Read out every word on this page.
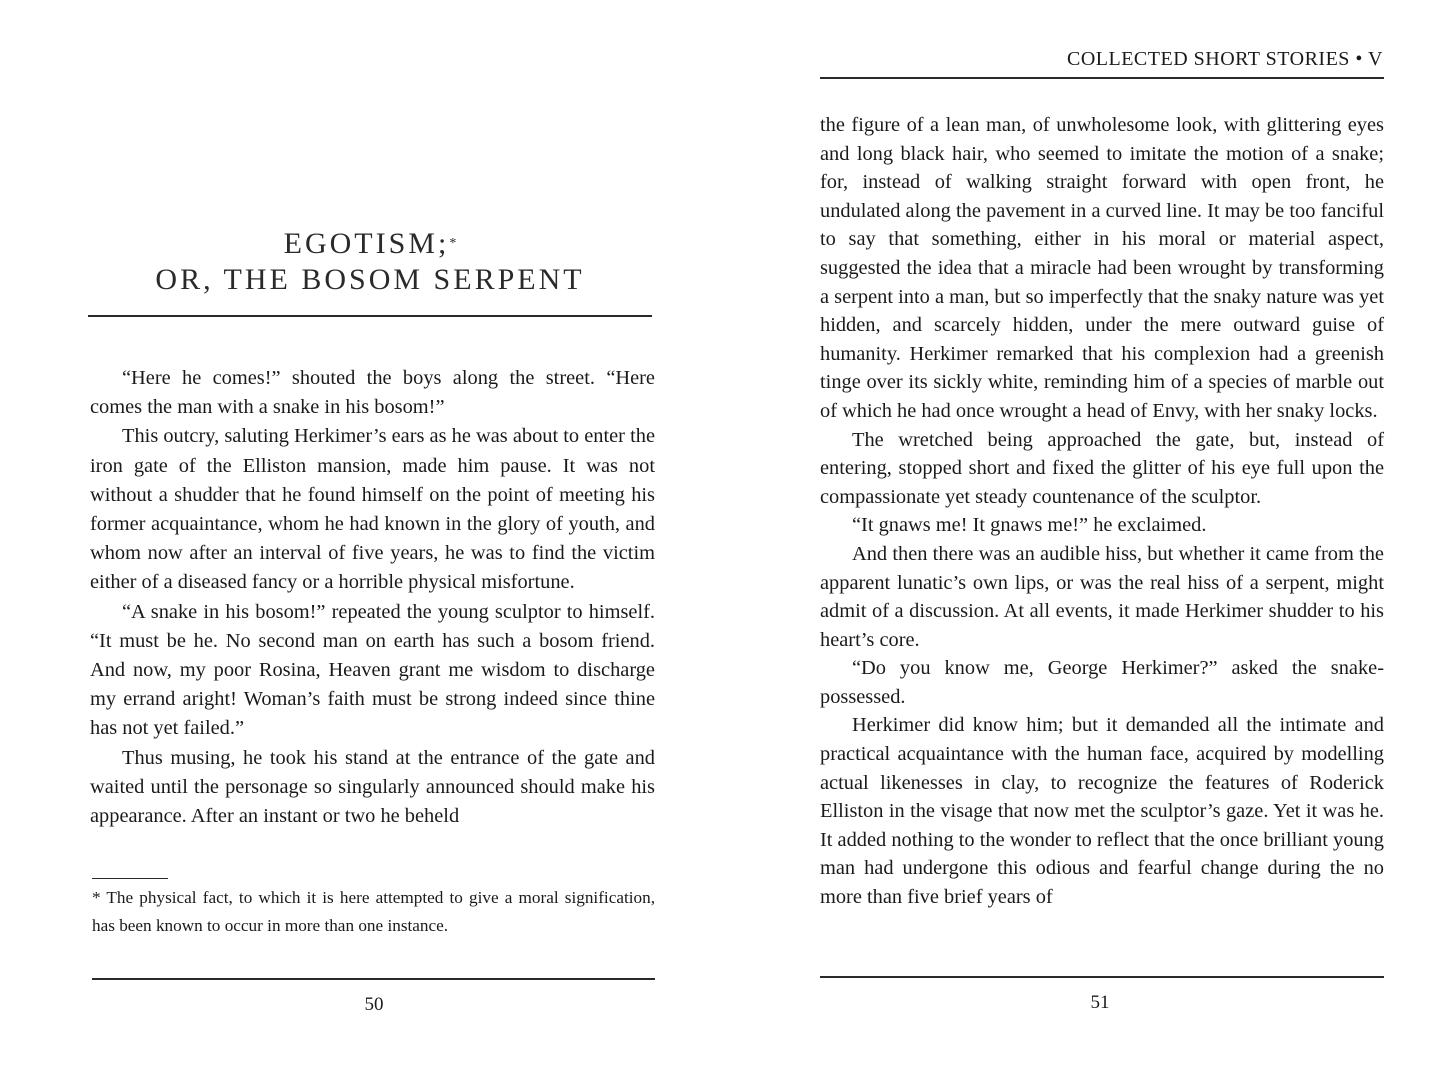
EGOTISM;*
OR, THE BOSOM SERPENT

“Here he comes!” shouted the boys along the street. “Here comes the man with a snake in his bosom!”

This outcry, saluting Herkimer’s ears as he was about to enter the iron gate of the Elliston mansion, made him pause. It was not without a shudder that he found himself on the point of meeting his former acquaintance, whom he had known in the glory of youth, and whom now after an interval of five years, he was to find the victim either of a diseased fancy or a horrible physical misfortune.

“A snake in his bosom!” repeated the young sculptor to himself. “It must be he. No second man on earth has such a bosom friend. And now, my poor Rosina, Heaven grant me wisdom to discharge my errand aright! Woman’s faith must be strong indeed since thine has not yet failed.”

Thus musing, he took his stand at the entrance of the gate and waited until the personage so singularly announced should make his appearance. After an instant or two he beheld

* The physical fact, to which it is here attempted to give a moral signification, has been known to occur in more than one instance.

50
COLLECTED SHORT STORIES • V

the figure of a lean man, of unwholesome look, with glittering eyes and long black hair, who seemed to imitate the motion of a snake; for, instead of walking straight forward with open front, he undulated along the pavement in a curved line. It may be too fanciful to say that something, either in his moral or material aspect, suggested the idea that a miracle had been wrought by transforming a serpent into a man, but so imperfectly that the snaky nature was yet hidden, and scarcely hidden, under the mere outward guise of humanity. Herkimer remarked that his complexion had a greenish tinge over its sickly white, reminding him of a species of marble out of which he had once wrought a head of Envy, with her snaky locks.

The wretched being approached the gate, but, instead of entering, stopped short and fixed the glitter of his eye full upon the compassionate yet steady countenance of the sculptor.

“It gnaws me! It gnaws me!” he exclaimed.

And then there was an audible hiss, but whether it came from the apparent lunatic’s own lips, or was the real hiss of a serpent, might admit of a discussion. At all events, it made Herkimer shudder to his heart’s core.

“Do you know me, George Herkimer?” asked the snake-possessed.

Herkimer did know him; but it demanded all the intimate and practical acquaintance with the human face, acquired by modelling actual likenesses in clay, to recognize the features of Roderick Elliston in the visage that now met the sculptor’s gaze. Yet it was he. It added nothing to the wonder to reflect that the once brilliant young man had undergone this odious and fearful change during the no more than five brief years of

51
